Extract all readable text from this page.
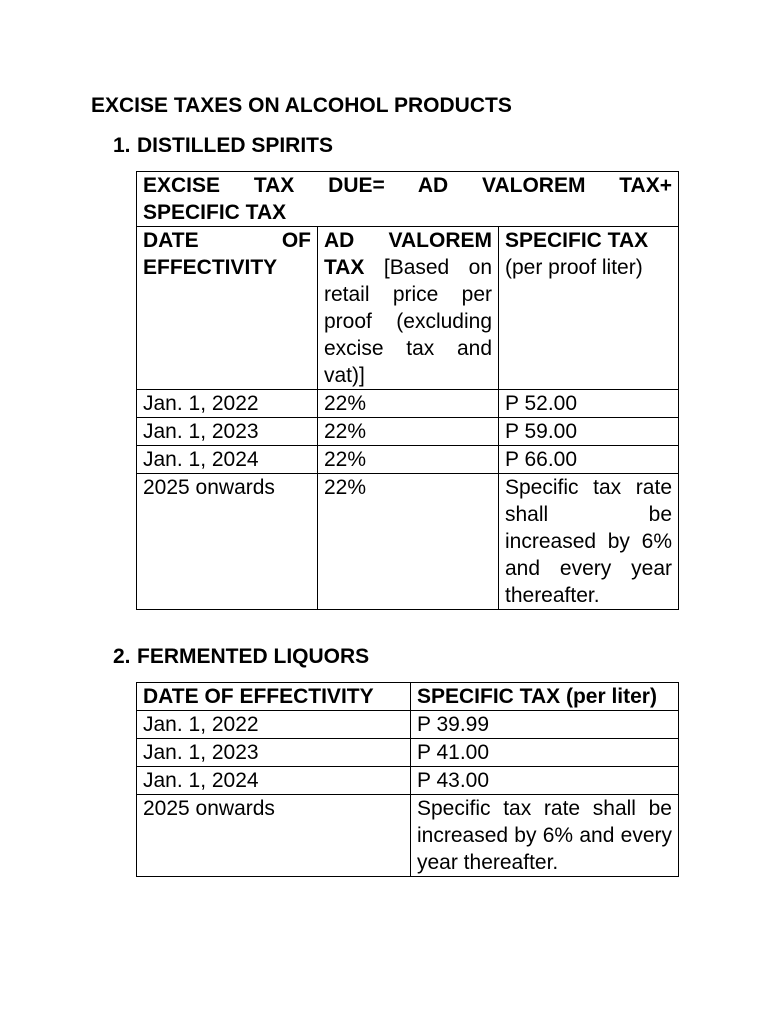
EXCISE TAXES ON ALCOHOL PRODUCTS
1. DISTILLED SPIRITS
EXCISE TAX DUE= AD VALOREM TAX+
SPECIFIC TAX		

DATE OF EFFECTIVITY	AD VALOREM TAX [Based on retail price per proof (excluding excise tax and vat)]	SPECIFIC TAX (per proof liter)
Jan. 1, 2022	22%	P 52.00
Jan. 1, 2023	22%	P 59.00
Jan. 1, 2024	22%	P 66.00
2025 onwards	22%	Specific tax rate shall be increased by 6% and every year thereafter.
2. FERMENTED LIQUORS
DATE OF EFFECTIVITY	SPECIFIC TAX (per liter)
Jan. 1, 2022	P 39.99
Jan. 1, 2023	P 41.00
Jan. 1, 2024	P 43.00
2025 onwards	Specific tax rate shall be increased by 6% and every year thereafter.
